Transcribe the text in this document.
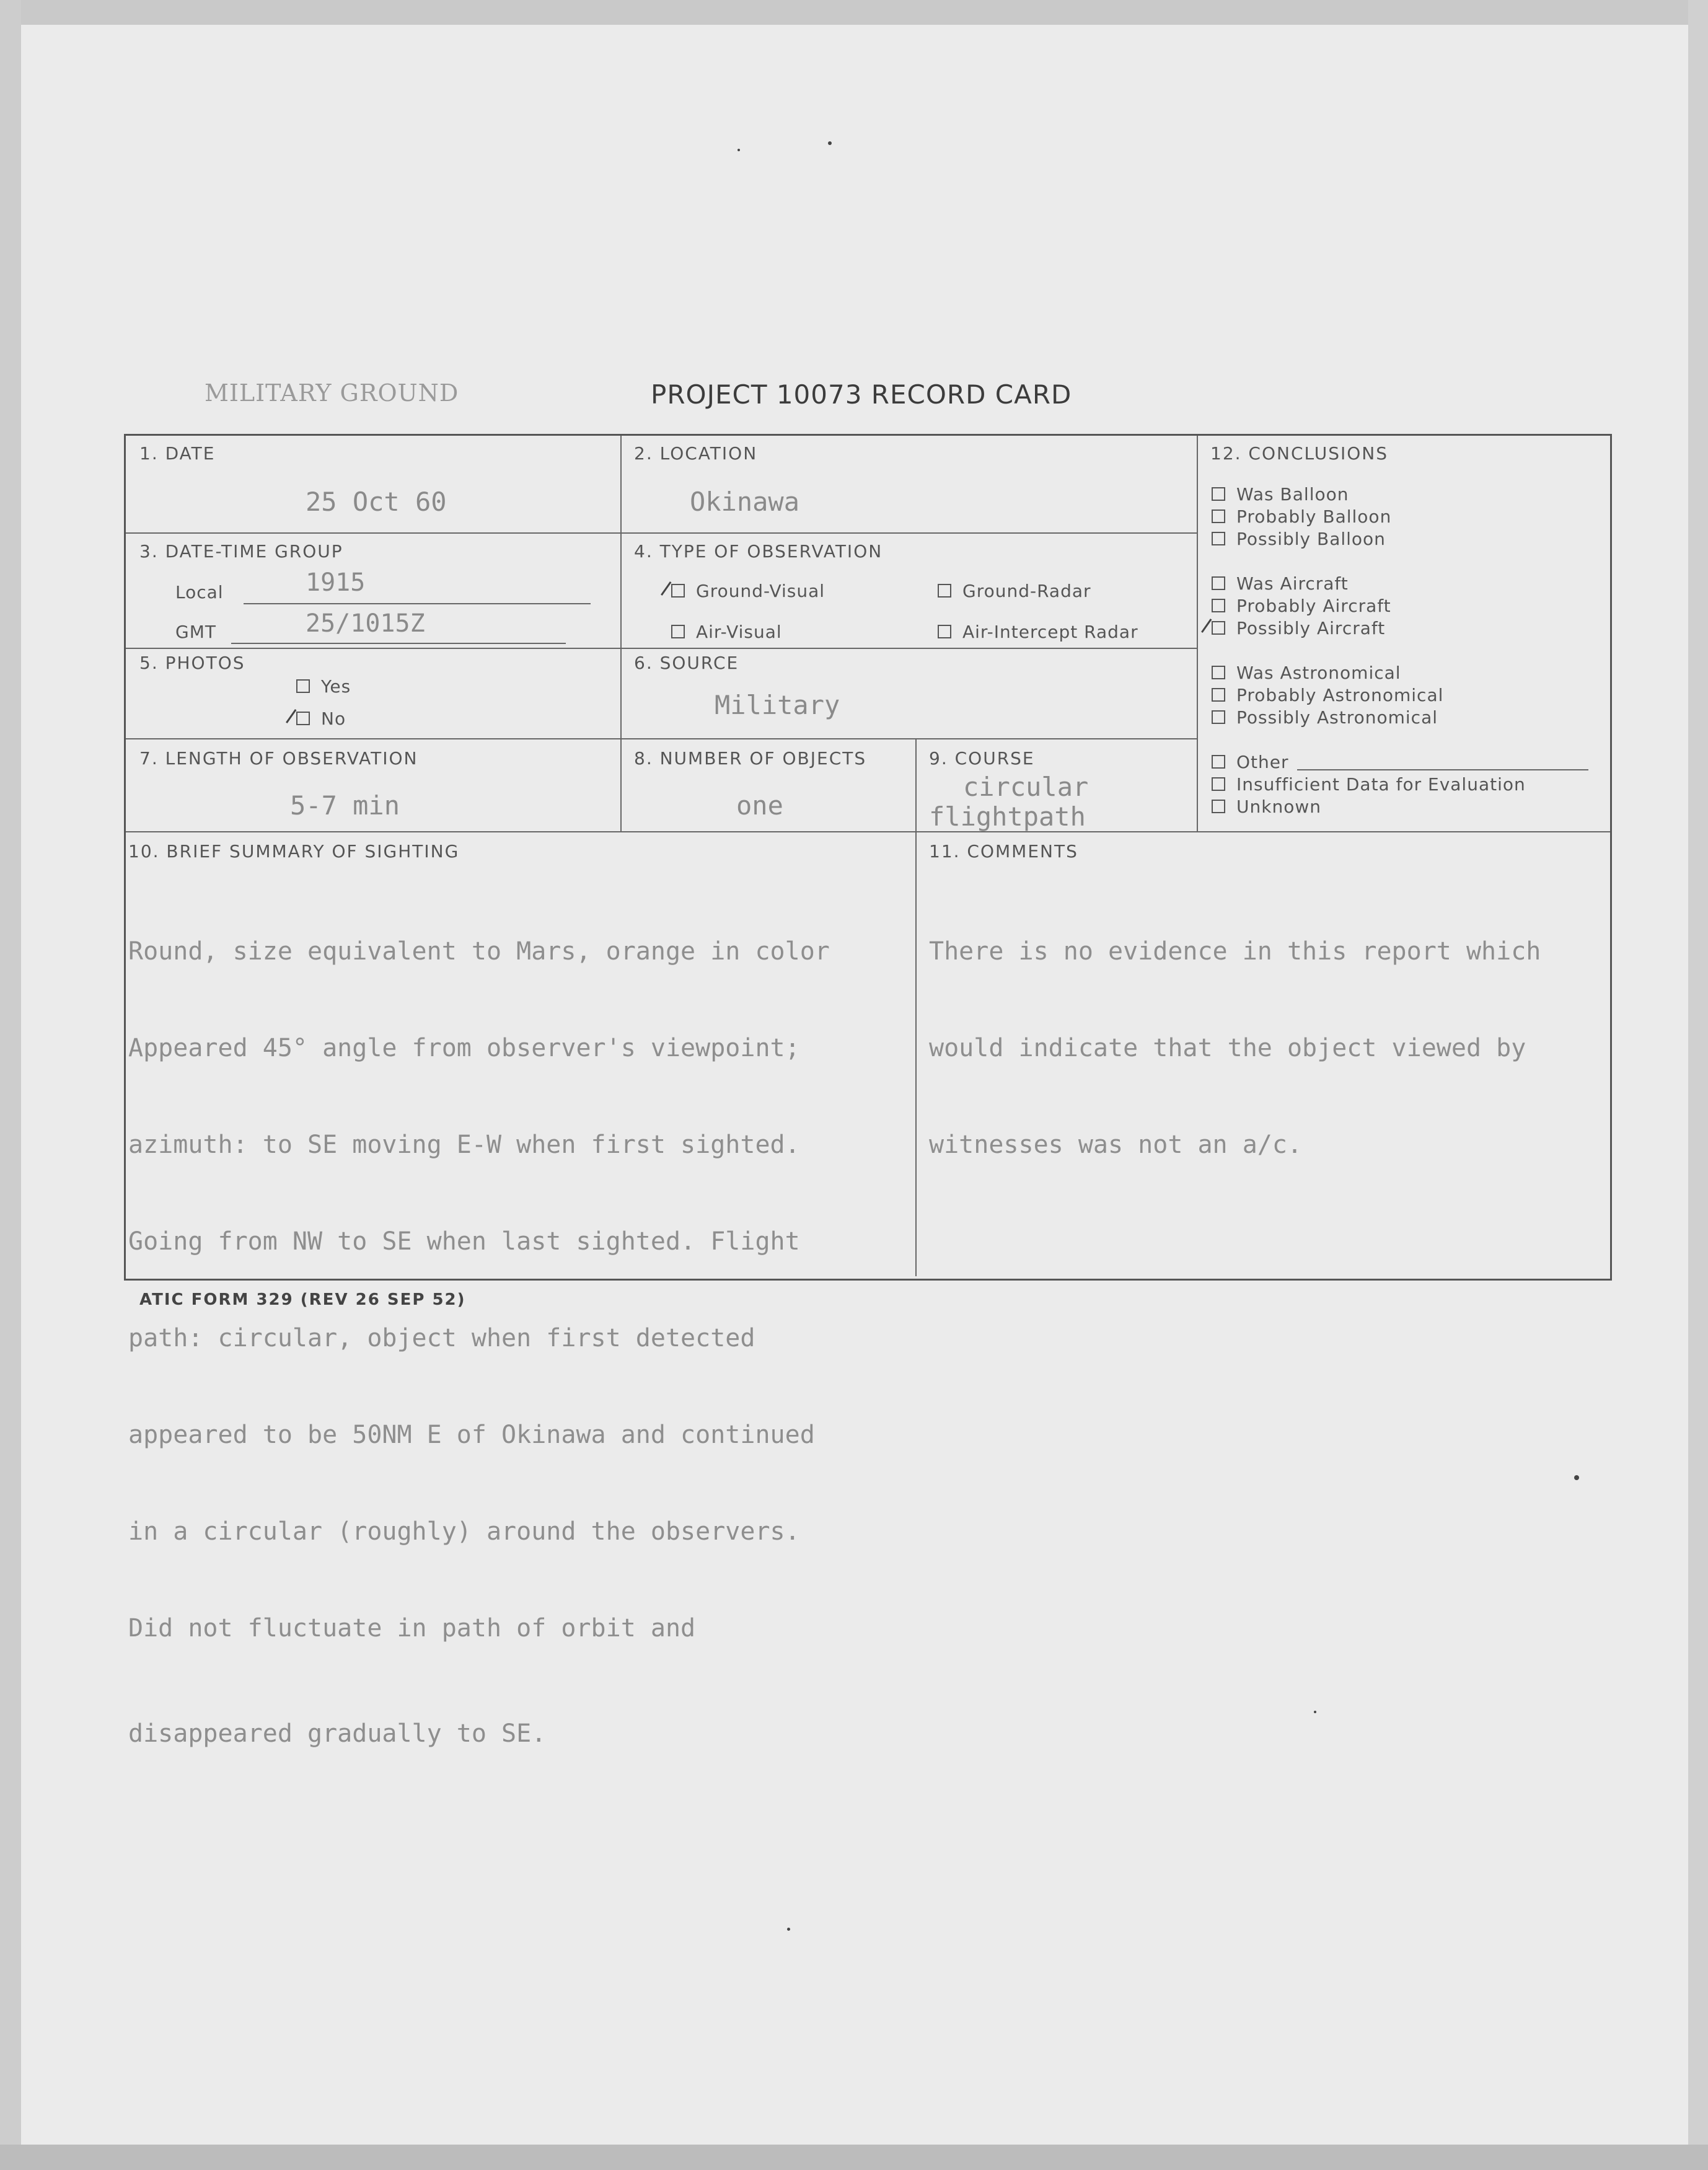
MILITARY GROUND	PROJECT 10073 RECORD CARD
1. DATE
25 Oct 60
2. LOCATION
Okinawa
3. DATE-TIME GROUP
Local	1915
GMT	25/1015Z
4. TYPE OF OBSERVATION
Ground-Visual	Ground-Radar
Air-Visual	Air-Intercept Radar
5. PHOTOS
Yes
No
6. SOURCE
Military
7. LENGTH OF OBSERVATION
5-7 min
8. NUMBER OF OBJECTS
one
9. COURSE
circular
flightpath
12. CONCLUSIONS
Was Balloon
Probably Balloon
Possibly Balloon
Was Aircraft
Probably Aircraft
Possibly Aircraft
Was Astronomical
Probably Astronomical
Possibly Astronomical
Other
Insufficient Data for Evaluation
Unknown
10. BRIEF SUMMARY OF SIGHTING

Round, size equivalent to Mars, orange in color

Appeared 45° angle from observer's viewpoint;

azimuth: to SE moving E-W when first sighted.

Going from NW to SE when last sighted. Flight

path: circular, object when first detected

appeared to be 50NM E of Okinawa and continued

in a circular (roughly) around the observers.

Did not fluctuate in path of orbit and

disappeared gradually to SE.

11. COMMENTS

There is no evidence in this report which

would indicate that the object viewed by

witnesses was not an a/c.

ATIC FORM 329 (REV 26 SEP 52)
